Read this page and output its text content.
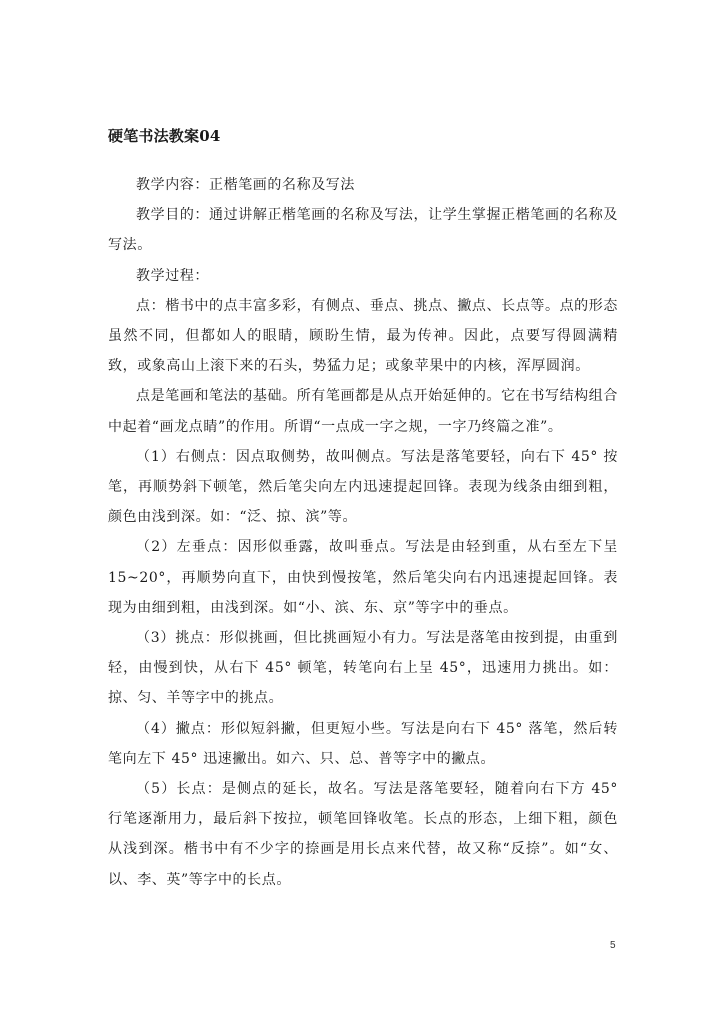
硬笔书法教案04

教学内容：正楷笔画的名称及写法

教学目的：通过讲解正楷笔画的名称及写法，让学生掌握正楷笔画的名称及写法。

教学过程：

点：楷书中的点丰富多彩，有侧点、垂点、挑点、撇点、长点等。点的形态虽然不同，但都如人的眼睛，顾盼生情，最为传神。因此，点要写得圆满精致，或象高山上滚下来的石头，势猛力足；或象苹果中的内核，浑厚圆润。

点是笔画和笔法的基础。所有笔画都是从点开始延伸的。它在书写结构组合中起着“画龙点睛”的作用。所谓“一点成一字之规，一字乃终篇之准”。

（1）右侧点：因点取侧势，故叫侧点。写法是落笔要轻，向右下 45° 按笔，再顺势斜下顿笔，然后笔尖向左内迅速提起回锋。表现为线条由细到粗，颜色由浅到深。如：“泛、掠、滨”等。

（2）左垂点：因形似垂露，故叫垂点。写法是由轻到重，从右至左下呈 15~20°，再顺势向直下，由快到慢按笔，然后笔尖向右内迅速提起回锋。表现为由细到粗，由浅到深。如“小、滨、东、京”等字中的垂点。

（3）挑点：形似挑画，但比挑画短小有力。写法是落笔由按到提，由重到轻，由慢到快，从右下 45° 顿笔，转笔向右上呈 45°，迅速用力挑出。如：掠、匀、羊等字中的挑点。

（4）撇点：形似短斜撇，但更短小些。写法是向右下 45° 落笔，然后转笔向左下 45° 迅速撇出。如六、只、总、普等字中的撇点。

（5）长点：是侧点的延长，故名。写法是落笔要轻，随着向右下方 45° 行笔逐渐用力，最后斜下按拉，顿笔回锋收笔。长点的形态，上细下粗，颜色从浅到深。楷书中有不少字的捺画是用长点来代替，故又称“反捺”。如“女、以、李、英”等字中的长点。

5
